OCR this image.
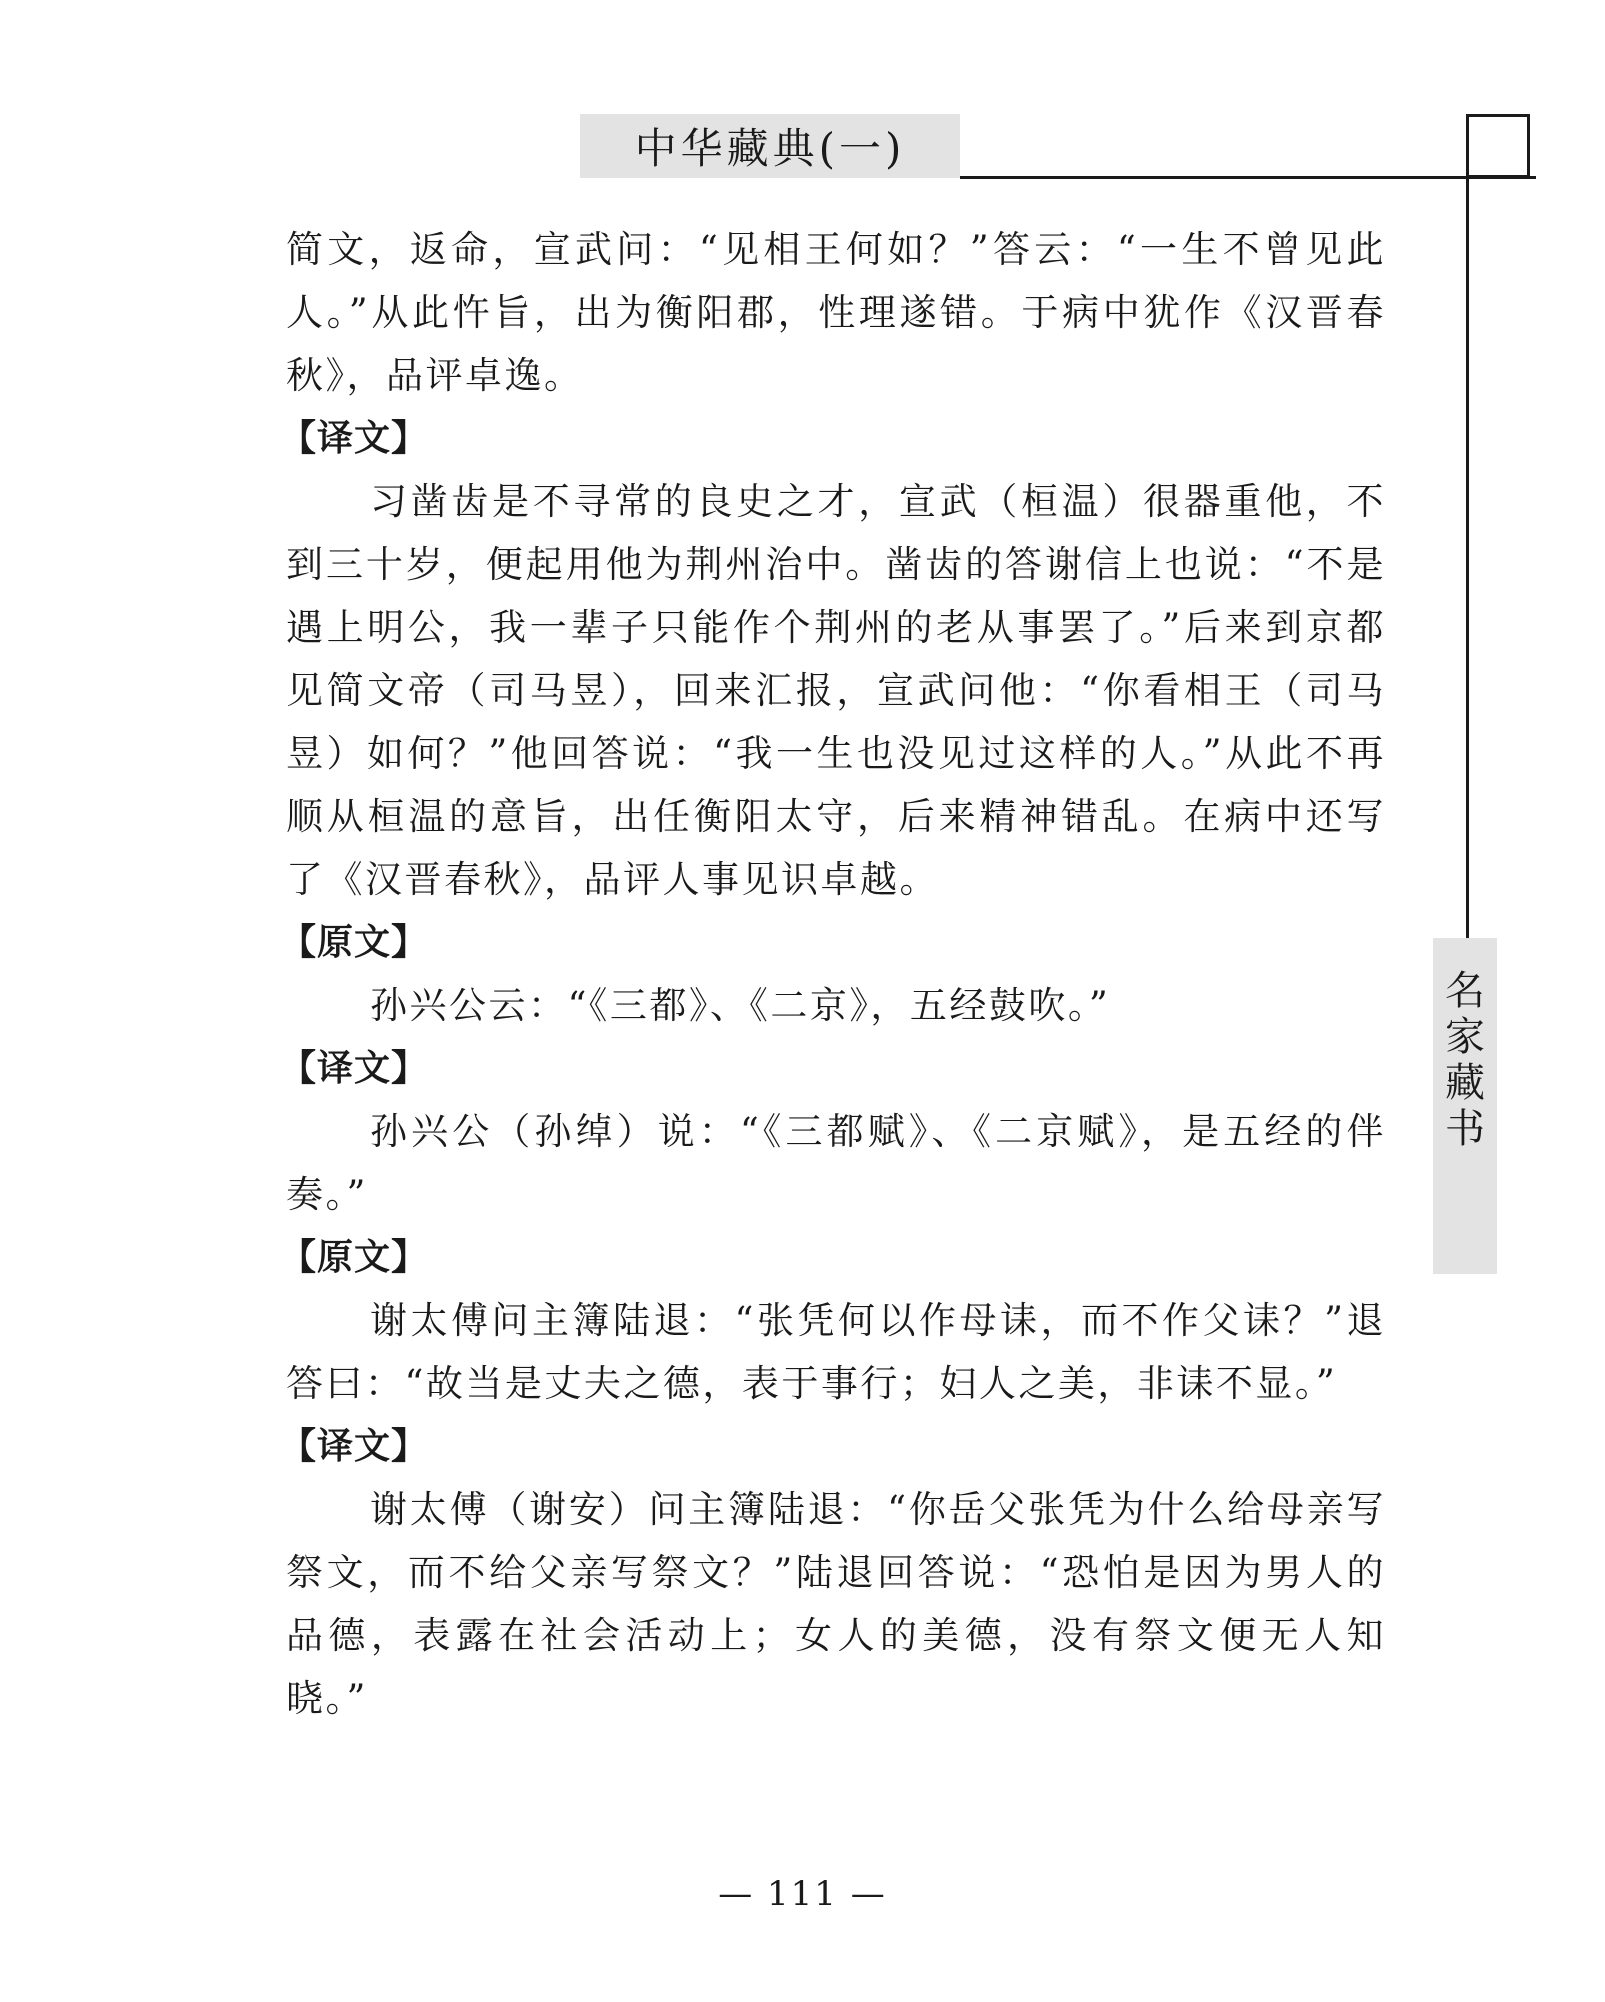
中华藏典(一)
名
家
藏
书

简文，返命，宣武问：“见相王何如？”答云：“一生不曾见此人。”从此忤旨，出为衡阳郡，性理遂错。于病中犹作《汉晋春秋》，品评卓逸。

【译文】

习凿齿是不寻常的良史之才，宣武（桓温）很器重他，不到三十岁，便起用他为荆州治中。凿齿的答谢信上也说：“不是遇上明公，我一辈子只能作个荆州的老从事罢了。”后来到京都见简文帝（司马昱），回来汇报，宣武问他：“你看相王（司马昱）如何？”他回答说：“我一生也没见过这样的人。”从此不再顺从桓温的意旨，出任衡阳太守，后来精神错乱。在病中还写了《汉晋春秋》，品评人事见识卓越。

【原文】

孙兴公云：“《三都》、《二京》，五经鼓吹。”

【译文】

孙兴公（孙绰）说：“《三都赋》、《二京赋》，是五经的伴奏。”

【原文】

谢太傅问主簿陆退：“张凭何以作母诔，而不作父诔？”退答曰：“故当是丈夫之德，表于事行；妇人之美，非诔不显。”

【译文】

谢太傅（谢安）问主簿陆退：“你岳父张凭为什么给母亲写祭文，而不给父亲写祭文？”陆退回答说：“恐怕是因为男人的品德，表露在社会活动上；女人的美德，没有祭文便无人知晓。”

— 111 —
